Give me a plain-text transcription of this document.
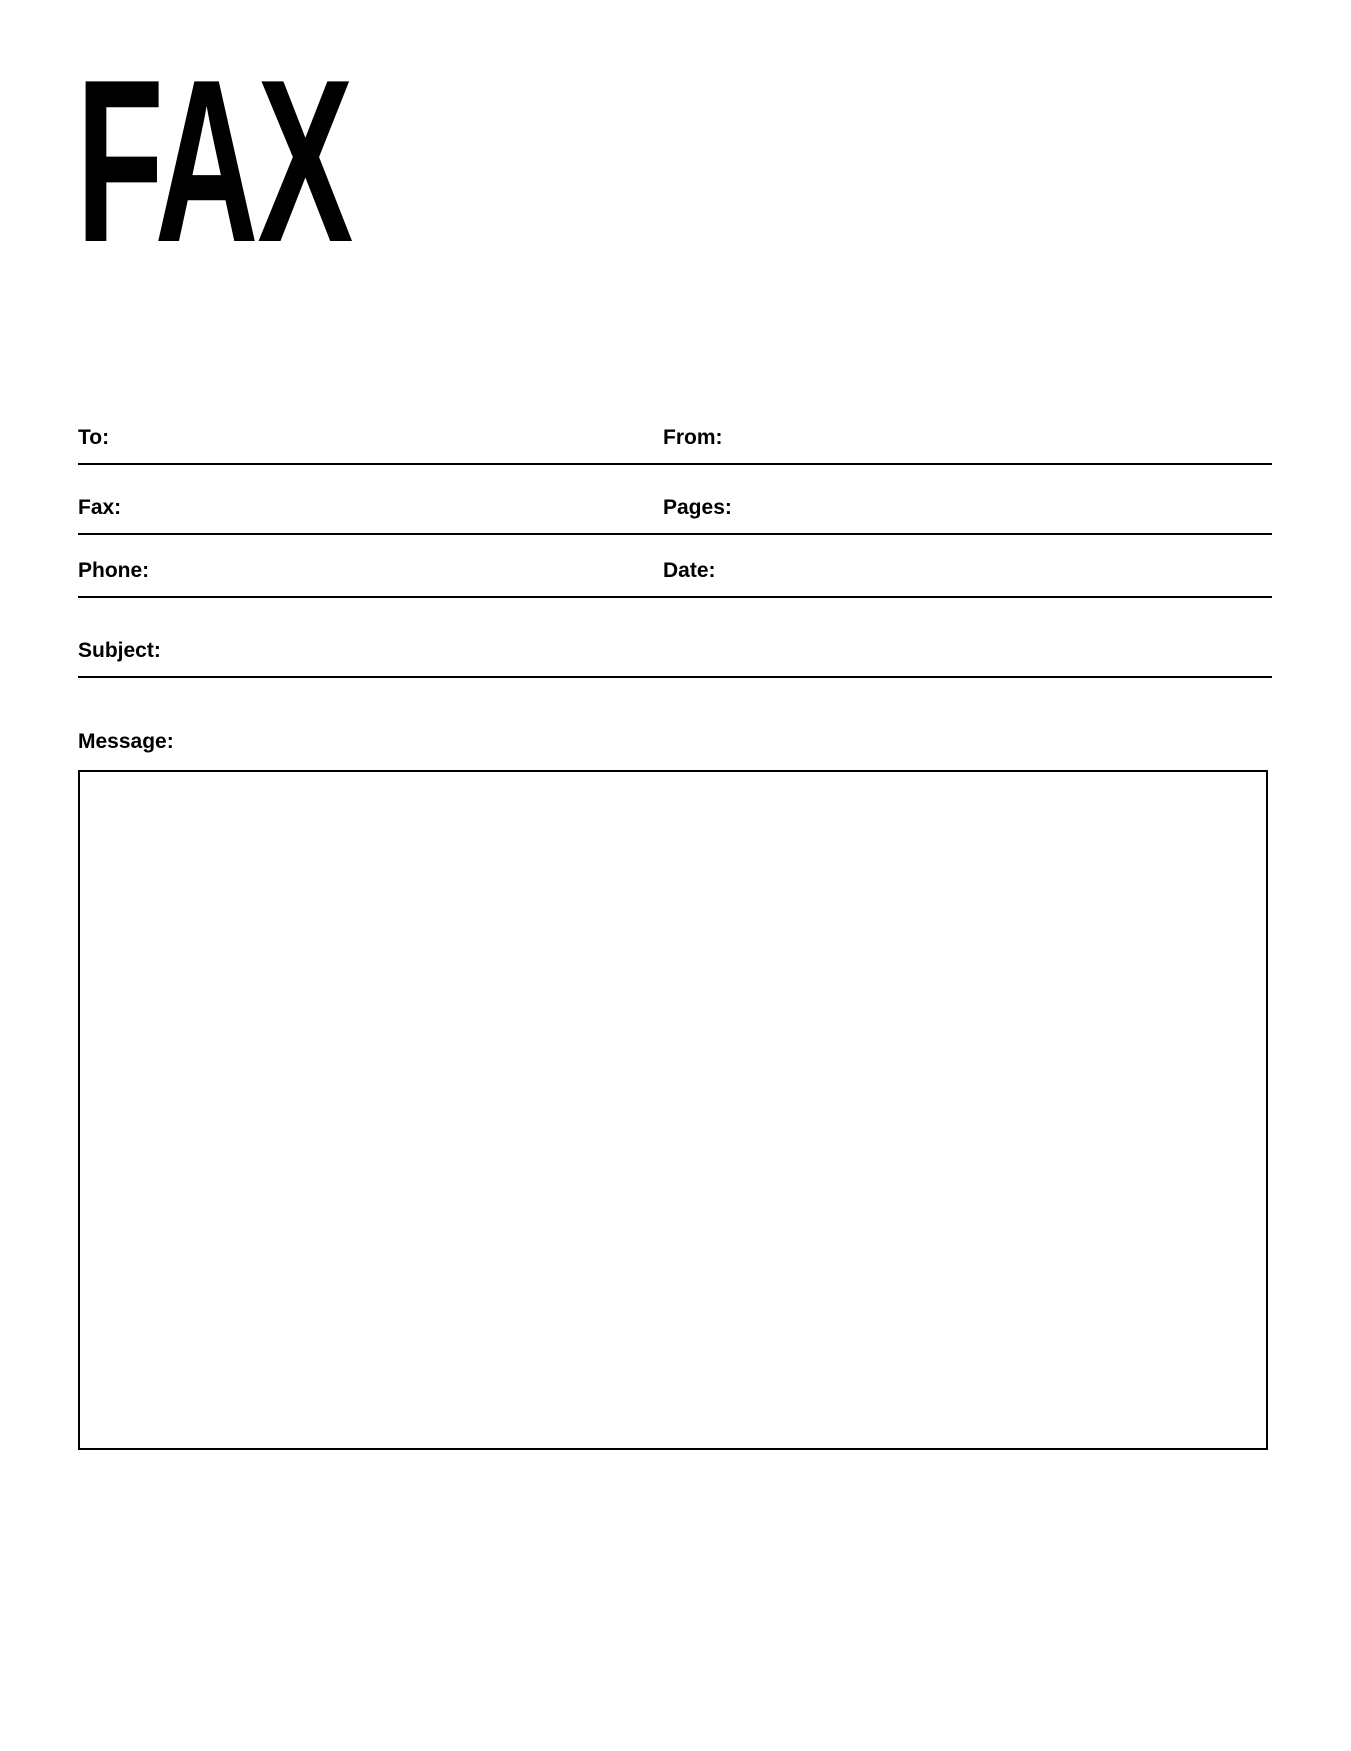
FAX
To:	From:
Fax:	Pages:
Phone:	Date:
Subject:
Message:
